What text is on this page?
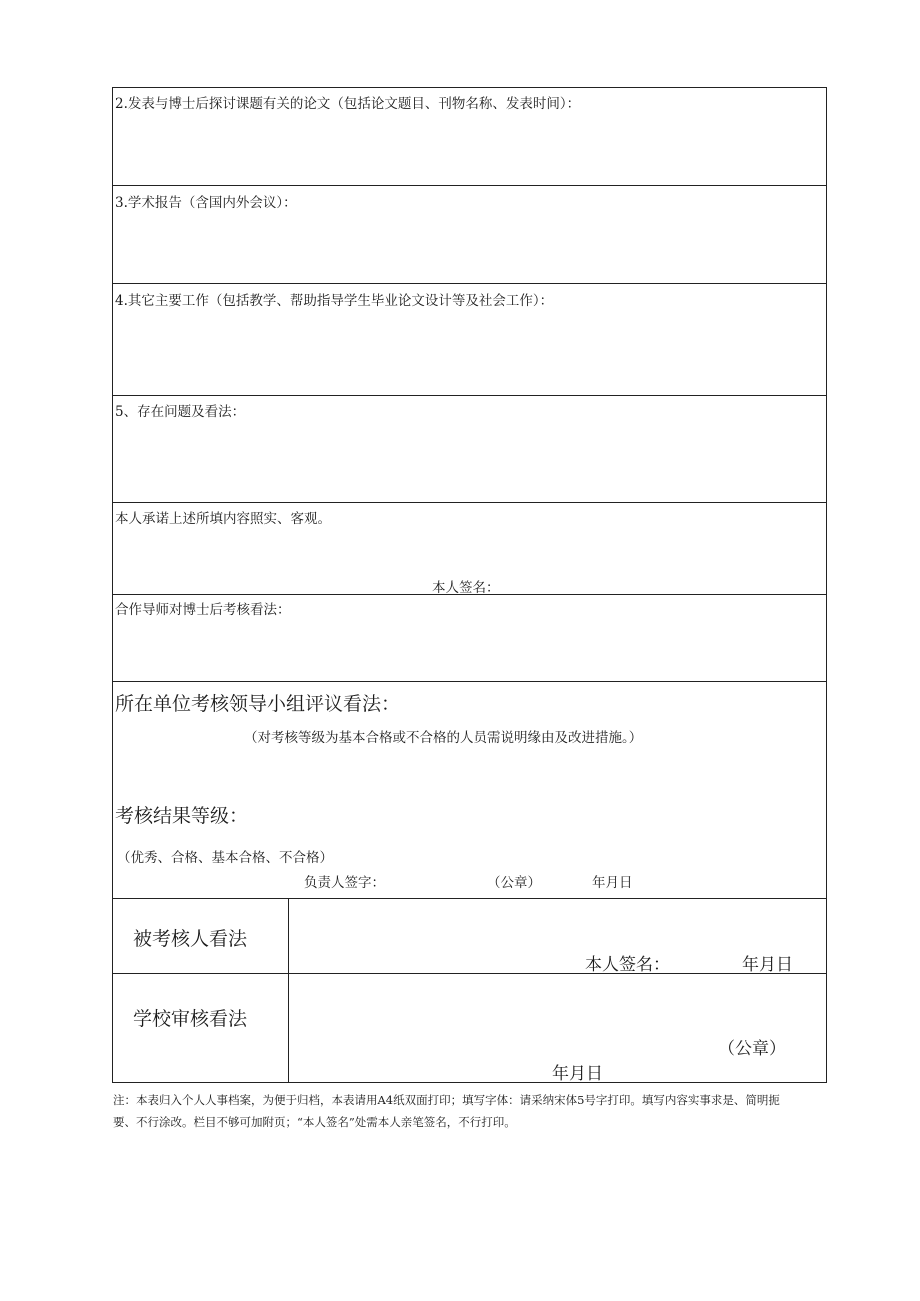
2.发表与博士后探讨课题有关的论文（包括论文题目、刊物名称、发表时间）：
3.学术报告（含国内外会议）：
4.其它主要工作（包括教学、帮助指导学生毕业论文设计等及社会工作）：
5、存在问题及看法：
本人承诺上述所填内容照实、客观。
本人签名：
合作导师对博士后考核看法：
所在单位考核领导小组评议看法：
（对考核等级为基本合格或不合格的人员需说明缘由及改进措施。）
考核结果等级：
（优秀、合格、基本合格、不合格）
负责人签字：	（公章）	年月日
被考核人看法
本人签名：	年月日
学校审核看法
（公章）
年月日
注：本表归入个人人事档案，为便于归档，本表请用A4纸双面打印；填写字体：请采纳宋体5号字打印。填写内容实事求是、简明扼
要、不行涂改。栏目不够可加附页；“本人签名”处需本人亲笔签名，不行打印。
